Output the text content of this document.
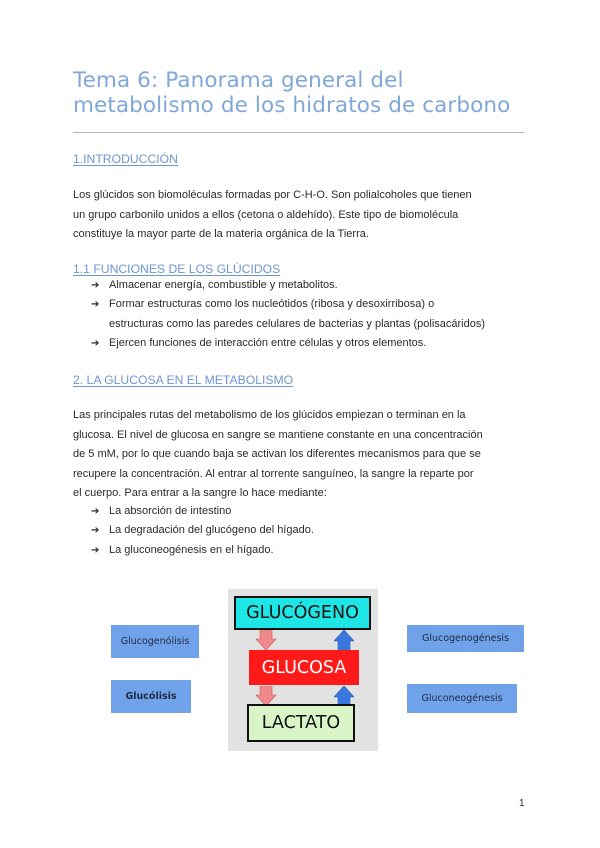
Tema 6: Panorama general del
metabolismo de los hidratos de carbono
1.INTRODUCCIÓN
Los glúcidos son biomoléculas formadas por C-H-O. Son polialcoholes que tienen
un grupo carbonilo unidos a ellos (cetona o aldehído). Este tipo de biomolécula
constituye la mayor parte de la materia orgánica de la Tierra.
1.1 FUNCIONES DE LOS GLÚCIDOS
➔ Almacenar energía, combustible y metabolitos.
➔ Formar estructuras como los nucleótidos (ribosa y desoxirribosa) o
estructuras como las paredes celulares de bacterias y plantas (polisacáridos)
➔ Ejercen funciones de interacción entre células y otros elementos.
2. LA GLUCOSA EN EL METABOLISMO
Las principales rutas del metabolismo de los glúcidos empiezan o terminan en la
glucosa. El nivel de glucosa en sangre se mantiene constante en una concentración
de 5 mM, por lo que cuando baja se activan los diferentes mecanismos para que se
recupere la concentración. Al entrar al torrente sanguíneo, la sangre la reparte por
el cuerpo. Para entrar a la sangre lo hace mediante:
➔ La absorción de intestino
➔ La degradación del glucógeno del hígado.
➔ La gluconeogénesis en el hígado.
GLUCÓGENO
GLUCOSA
LACTATO
Glucogenólisis
Glucólisis
Glucogenogénesis
Gluconeogénesis
1
